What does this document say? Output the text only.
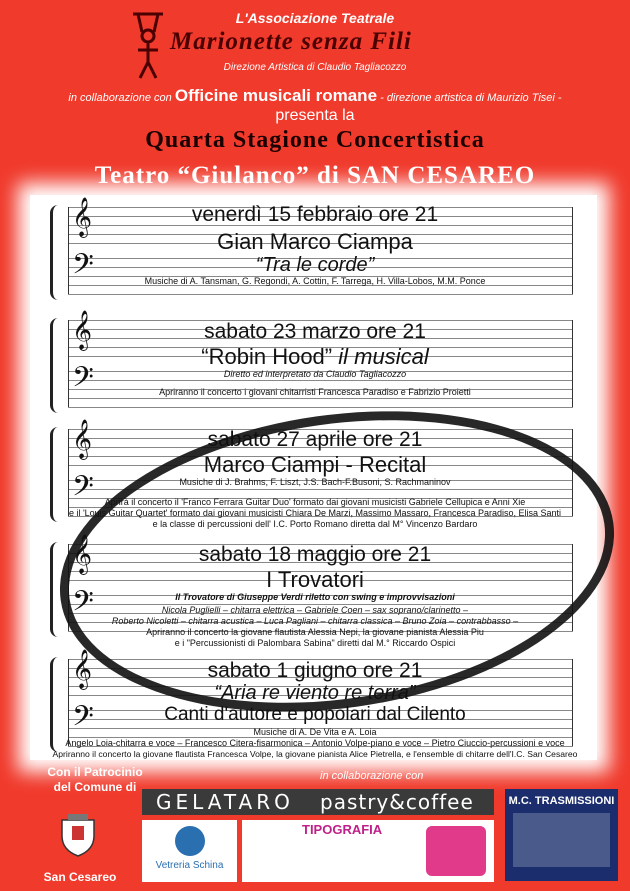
L'Associazione Teatrale
Marionette senza Fili
Direzione Artistica di Claudio Tagliacozzo
in collaborazione con Officine musicali romane - direzione artistica di Maurizio Tisei -
presenta la
Quarta Stagione Concertistica
Teatro “Giulanco” di SAN CESAREO
𝄞
𝄢
𝄞
𝄢
𝄞
𝄢
𝄞
𝄢
𝄞
𝄢
venerdì 15 febbraio ore 21
Gian Marco Ciampa
“Tra le corde”
Musiche di A. Tansman, G. Regondi, A. Cottin, F. Tarrega, H. Villa-Lobos, M.M. Ponce
sabato 23 marzo ore 21
“Robin Hood” il musical
Diretto ed interpretato da Claudio Tagliacozzo
Apriranno il concerto i giovani chitarristi Francesca Paradiso e Fabrizio Proietti
sabato 27 aprile ore 21
Marco Ciampi - Recital
Musiche di J. Brahms, F. Liszt, J.S. Bach-F.Busoni, S. Rachmaninov
Aprirà il concerto il 'Franco Ferrara Guitar Duo' formato dai giovani musicisti Gabriele Cellupica e Anni Xie
e il 'Louis Guitar Quartet' formato dai giovani musicisti Chiara De Marzi, Massimo Massaro, Francesca Paradiso, Elisa Santi
e la classe di percussioni dell' I.C. Porto Romano diretta dal M° Vincenzo Bardaro
sabato 18 maggio ore 21
I Trovatori
Il Trovatore di Giuseppe Verdi riletto con swing e improvvisazioni
Nicola Puglielli – chitarra elettrica – Gabriele Coen – sax soprano/clarinetto –
Roberto Nicoletti – chitarra acustica – Luca Pagliani – chitarra classica – Bruno Zoia – contrabbasso –
Apriranno il concerto la giovane flautista Alessia Nepi, la giovane pianista Alessia Piu
e i "Percussionisti di Palombara Sabina" diretti dal M.° Riccardo Ospici
sabato 1 giugno ore 21
“Aria re viento re terra”
Canti d'autore e popolari dal Cilento
Musiche di A. De Vita e A. Loia
Angelo Loia-chitarra e voce – Francesco Citera-fisarmonica – Antonio Volpe-piano e voce – Pietro Ciuccio-percussioni e voce
Apriranno il concerto la giovane flautista Francesca Volpe, la giovane pianista Alice Pietrella, e l'ensemble di chitarre dell'I.C. San Cesareo
Con il Patrocinio del Comune di
San Cesareo
in collaborazione con
GELATARO pastry&coffee	M.C. TRASMISSIONI
Vetreria Schina
TIPOGRAFIA
